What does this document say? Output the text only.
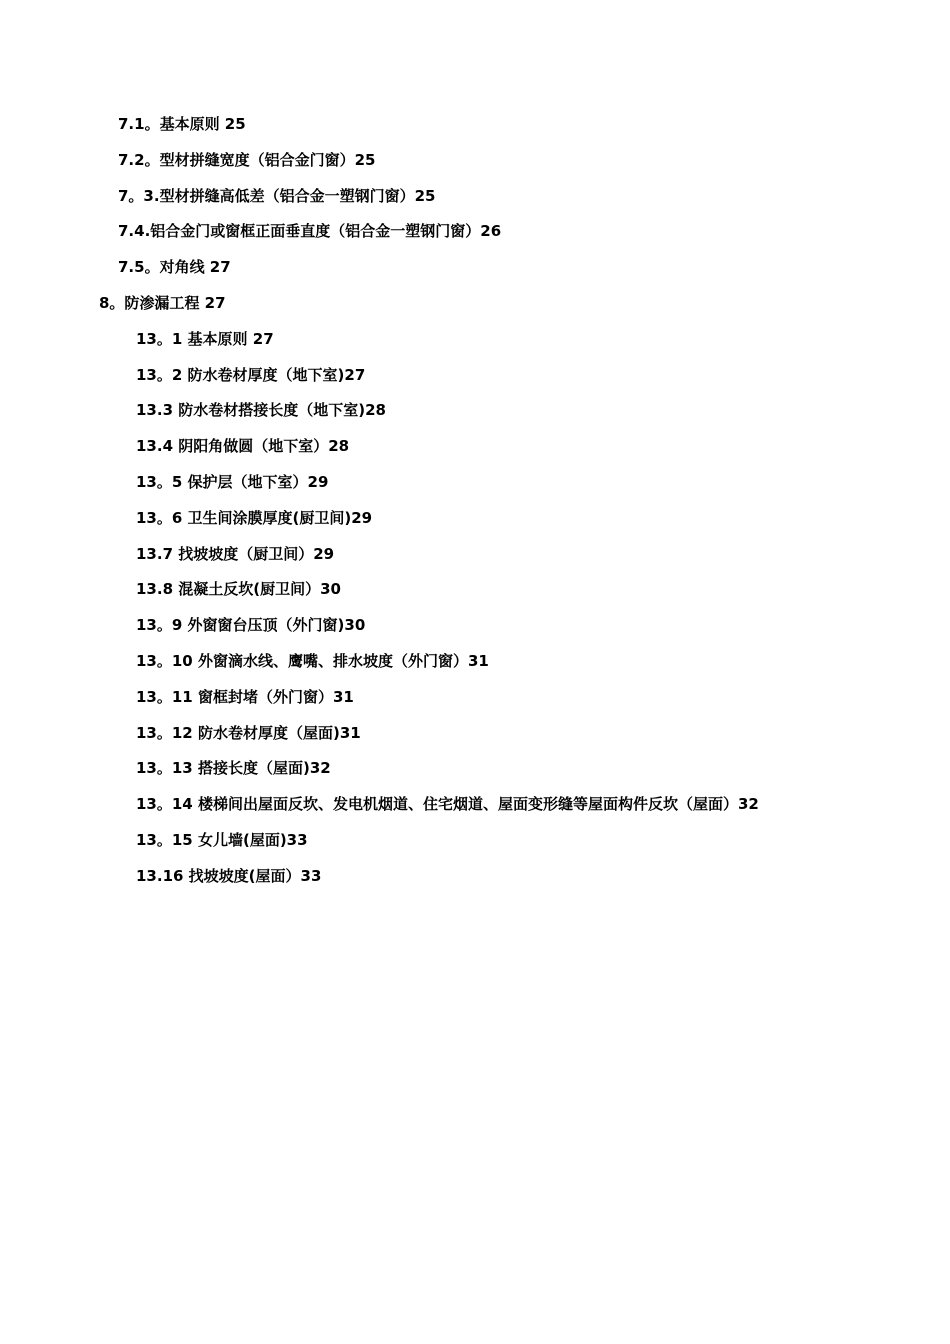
7.1。基本原则 25
7.2。型材拼缝宽度（铝合金门窗）25
7。3.型材拼缝高低差（铝合金一塑钢门窗）25
7.4.铝合金门或窗框正面垂直度（铝合金一塑钢门窗）26
7.5。对角线 27
8。防渗漏工程 27
13。1 基本原则 27
13。2 防水卷材厚度（地下室)27
13.3 防水卷材搭接长度（地下室)28
13.4 阴阳角做圆（地下室）28
13。5 保护层（地下室）29
13。6 卫生间涂膜厚度(厨卫间)29
13.7 找坡坡度（厨卫间）29
13.8 混凝土反坎(厨卫间）30
13。9 外窗窗台压顶（外门窗)30
13。10 外窗滴水线、鹰嘴、排水坡度（外门窗）31
13。11 窗框封堵（外门窗）31
13。12 防水卷材厚度（屋面)31
13。13 搭接长度（屋面)32
13。14 楼梯间出屋面反坎、发电机烟道、住宅烟道、屋面变形缝等屋面构件反坎（屋面）32
13。15 女儿墙(屋面)33
13.16 找坡坡度(屋面）33
